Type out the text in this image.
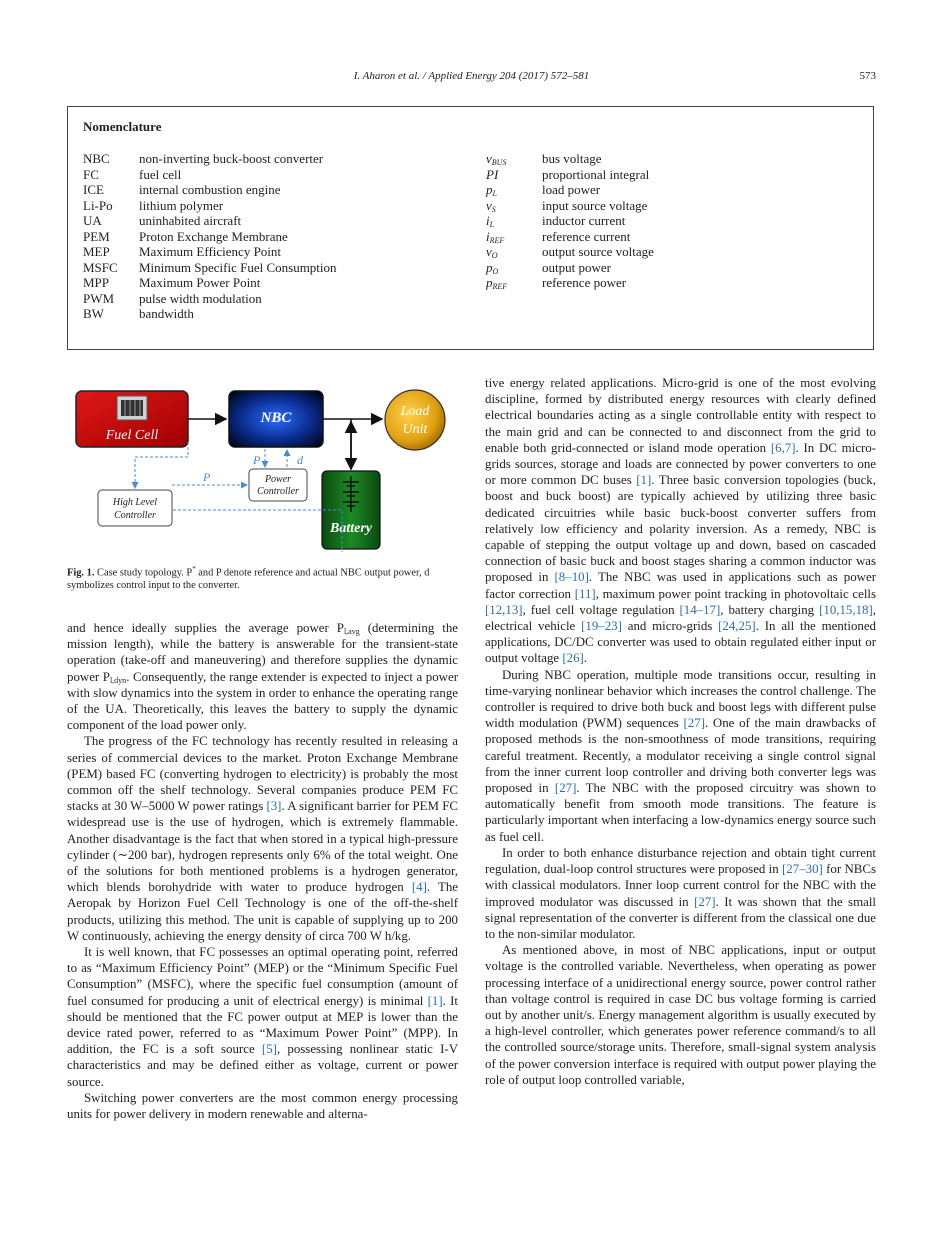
I. Aharon et al. / Applied Energy 204 (2017) 572–581	573
Nomenclature
NBC	non-inverting buck-boost converter
FC	fuel cell
ICE	internal combustion engine
Li-Po	lithium polymer
UA	uninhabited aircraft
PEM	Proton Exchange Membrane
MEP	Maximum Efficiency Point
MSFC	Minimum Specific Fuel Consumption
MPP	Maximum Power Point
PWM	pulse width modulation
BW	bandwidth
$v_{BUS}$	bus voltage
PI	proportional integral
$p_L$	load power
$v_S$	input source voltage
$i_L$	inductor current
$i_{REF}$	reference current
$v_O$	output source voltage
$p_O$	output power
$p_{REF}$	reference power
Fuel Cell
NBC	Load
Unit
Battery
Power
Controller
High Level
Controller
P	d
P
Fig. 1. Case study topology. P* and P denote reference and actual NBC output power, d symbolizes control input to the converter.

and hence ideally supplies the average power $P_{l,avg}$ (determining the mission length), while the battery is answerable for the transient-state operation (take-off and maneuvering) and therefore supplies the dynamic power $P_{l,dyn}$. Consequently, the range extender is expected to inject a power with slow dynamics into the system in order to enhance the operating range of the UA. Theoretically, this leaves the battery to supply the dynamic component of the load power only.

The progress of the FC technology has recently resulted in releasing a series of commercial devices to the market. Proton Exchange Membrane (PEM) based FC (converting hydrogen to electricity) is probably the most common off the shelf technology. Several companies produce PEM FC stacks at 30 W–5000 W power ratings [3]. A significant barrier for PEM FC widespread use is the use of hydrogen, which is extremely flammable. Another disadvantage is the fact that when stored in a typical high-pressure cylinder (∼200 bar), hydrogen represents only 6% of the total weight. One of the solutions for both mentioned problems is a hydrogen generator, which blends borohydride with water to produce hydrogen [4]. The Aeropak by Horizon Fuel Cell Technology is one of the off-the-shelf products, utilizing this method. The unit is capable of supplying up to 200 W continuously, achieving the energy density of circa 700 W h/kg.

It is well known, that FC possesses an optimal operating point, referred to as “Maximum Efficiency Point” (MEP) or the “Minimum Specific Fuel Consumption” (MSFC), where the specific fuel consumption (amount of fuel consumed for producing a unit of electrical energy) is minimal [1]. It should be mentioned that the FC power output at MEP is lower than the device rated power, referred to as “Maximum Power Point” (MPP). In addition, the FC is a soft source [5], possessing nonlinear static I-V characteristics and may be defined either as voltage, current or power source.

Switching power converters are the most common energy processing units for power delivery in modern renewable and alterna-

tive energy related applications. Micro-grid is one of the most evolving discipline, formed by distributed energy resources with clearly defined electrical boundaries acting as a single controllable entity with respect to the main grid and can be connected to and disconnect from the grid to enable both grid-connected or island mode operation [6,7]. In DC micro-grids sources, storage and loads are connected by power converters to one or more common DC buses [1]. Three basic conversion topologies (buck, boost and buck boost) are typically achieved by utilizing three basic dedicated circuitries while basic buck-boost converter suffers from relatively low efficiency and polarity inversion. As a remedy, NBC is capable of stepping the output voltage up and down, based on cascaded connection of basic buck and boost stages sharing a common inductor was proposed in [8–10]. The NBC was used in applications such as power factor correction [11], maximum power point tracking in photovoltaic cells [12,13], fuel cell voltage regulation [14–17], battery charging [10,15,18], electrical vehicle [19–23] and micro-grids [24,25]. In all the mentioned applications, DC/DC converter was used to obtain regulated either input or output voltage [26].

During NBC operation, multiple mode transitions occur, resulting in time-varying nonlinear behavior which increases the control challenge. The controller is required to drive both buck and boost legs with different pulse width modulation (PWM) sequences [27]. One of the main drawbacks of proposed methods is the non-smoothness of mode transitions, requiring careful treatment. Recently, a modulator receiving a single control signal from the inner current loop controller and driving both converter legs was proposed in [27]. The NBC with the proposed circuitry was shown to automatically benefit from smooth mode transitions. The feature is particularly important when interfacing a low-dynamics energy source such as fuel cell.

In order to both enhance disturbance rejection and obtain tight current regulation, dual-loop control structures were proposed in [27–30] for NBCs with classical modulators. Inner loop current control for the NBC with the improved modulator was discussed in [27]. It was shown that the small signal representation of the converter is different from the classical one due to the non-similar modulator.

As mentioned above, in most of NBC applications, input or output voltage is the controlled variable. Nevertheless, when operating as power processing interface of a unidirectional energy source, power control rather than voltage control is required in case DC bus voltage forming is carried out by another unit/s. Energy management algorithm is usually executed by a high-level controller, which generates power reference command/s to all the controlled source/storage units. Therefore, small-signal system analysis of the power conversion interface is required with output power playing the role of output loop controlled variable,
